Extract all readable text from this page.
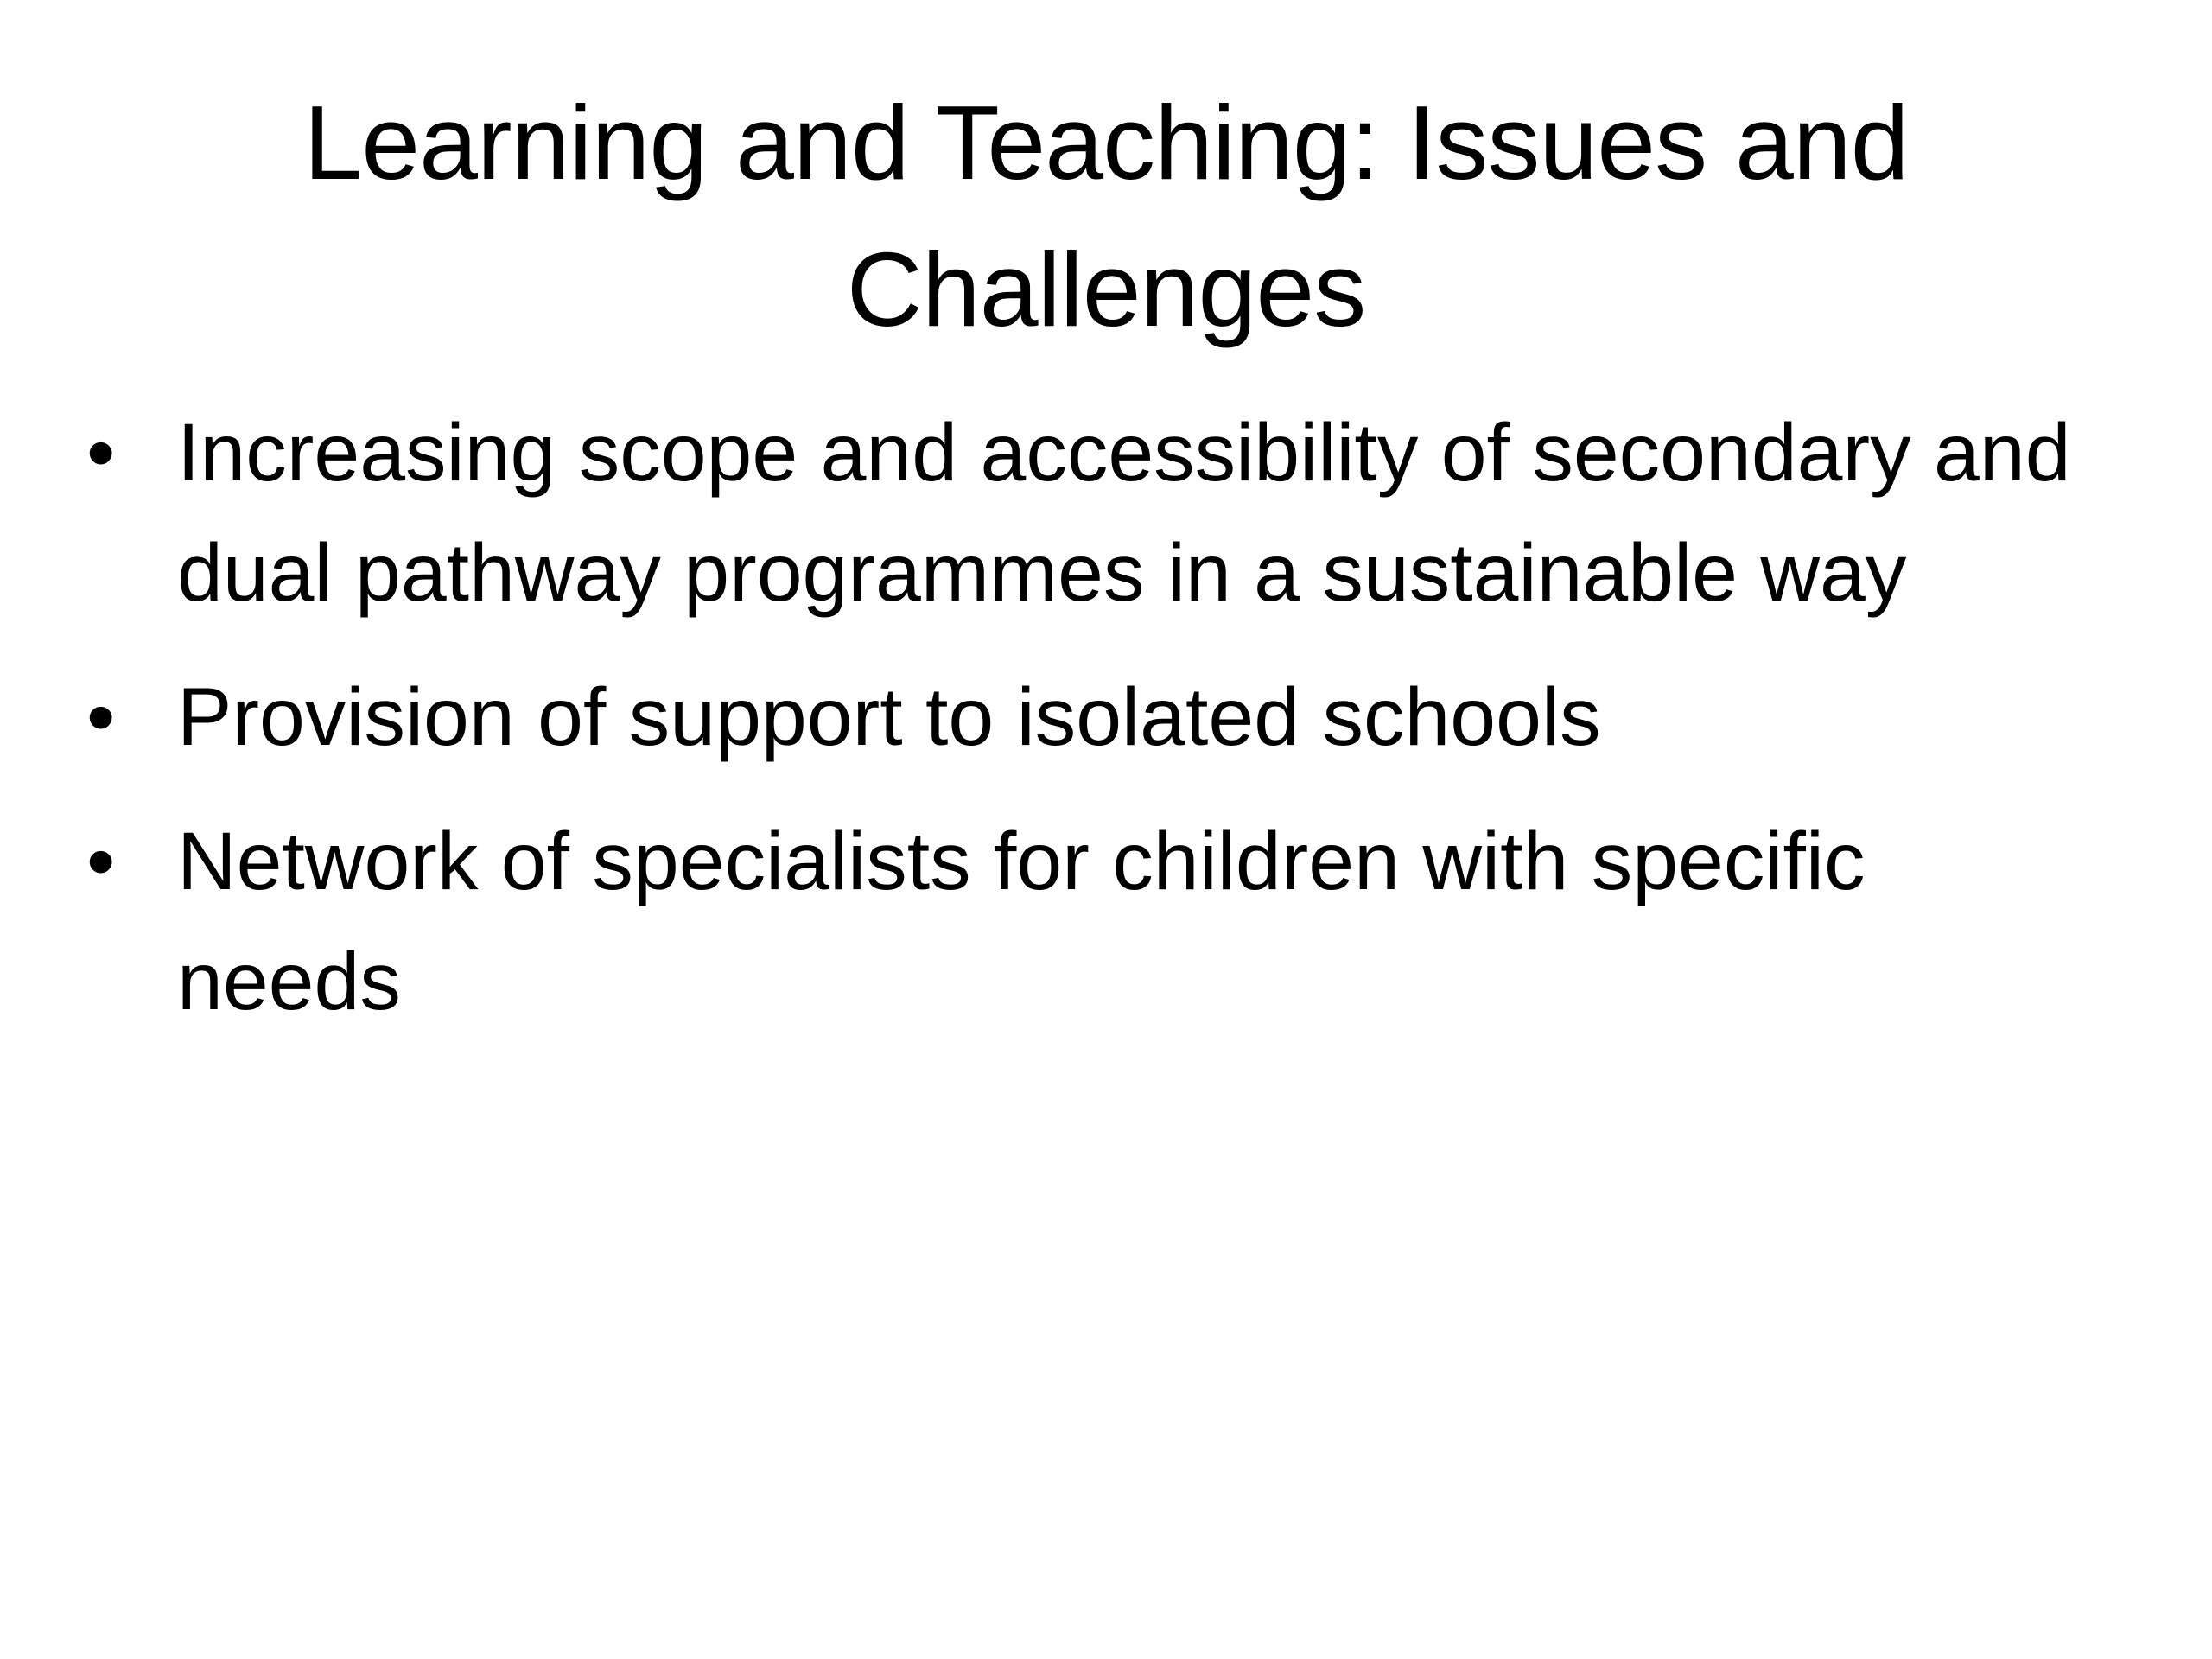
Learning and Teaching: Issues and Challenges
• Increasing scope and accessibility of secondary and dual pathway programmes in a sustainable way
• Provision of support to isolated schools
• Network of specialists for children with specific needs
